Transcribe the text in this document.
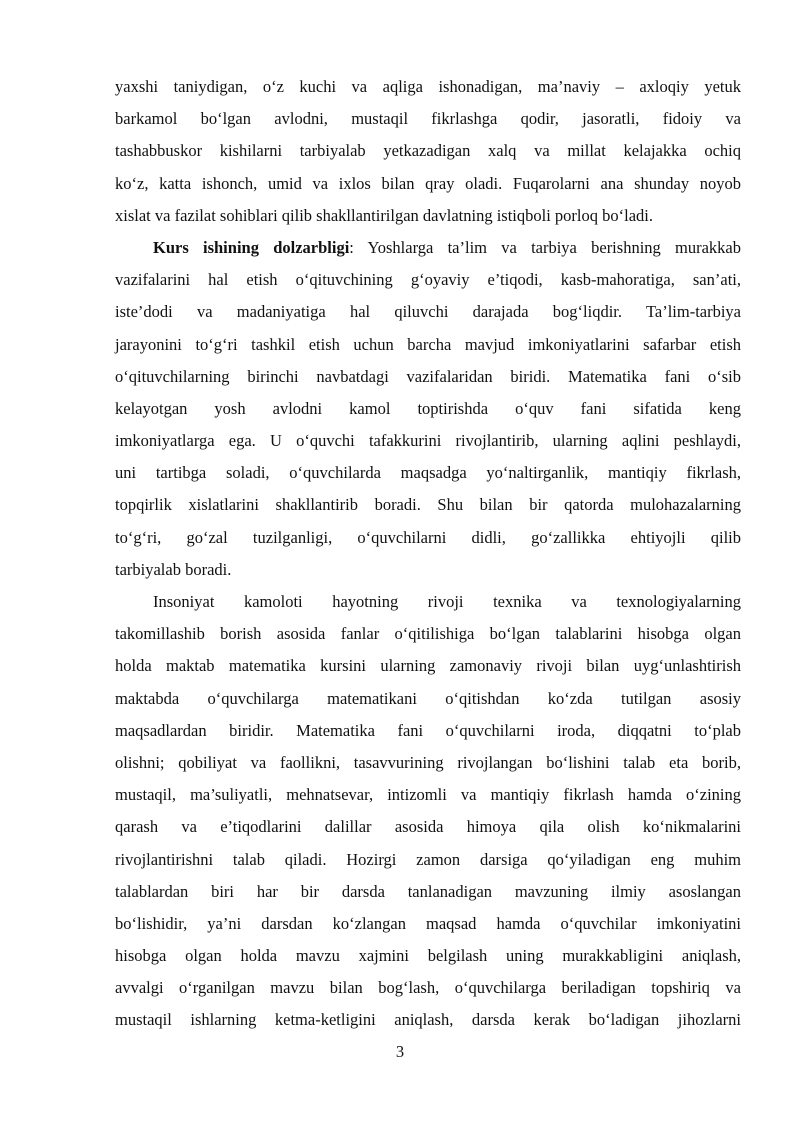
yaxshi taniydigan, o‘z kuchi va aqliga ishonadigan, ma’naviy – axloqiy yetuk
barkamol bo‘lgan avlodni, mustaqil fikrlashga qodir, jasoratli, fidoiy va
tashabbuskor kishilarni tarbiyalab yetkazadigan xalq va millat kelajakka ochiq
ko‘z, katta ishonch, umid va ixlos bilan qray oladi. Fuqarolarni ana shunday noyob
xislat va fazilat sohiblari qilib shakllantirilgan davlatning istiqboli porloq bo‘ladi.
Kurs ishining dolzarbligi: Yoshlarga ta’lim va tarbiya berishning murakkab
vazifalarini hal etish o‘qituvchining g‘oyaviy e’tiqodi, kasb-mahoratiga, san’ati,
iste’dodi va madaniyatiga hal qiluvchi darajada bog‘liqdir. Ta’lim-tarbiya
jarayonini to‘g‘ri tashkil etish uchun barcha mavjud imkoniyatlarini safarbar etish
o‘qituvchilarning birinchi navbatdagi vazifalaridan biridi. Matematika fani o‘sib
kelayotgan yosh avlodni kamol toptirishda o‘quv fani sifatida keng
imkoniyatlarga ega. U o‘quvchi tafakkurini rivojlantirib, ularning aqlini peshlaydi,
uni tartibga soladi, o‘quvchilarda maqsadga yo‘naltirganlik, mantiqiy fikrlash,
topqirlik xislatlarini shakllantirib boradi. Shu bilan bir qatorda mulohazalarning
to‘g‘ri, go‘zal tuzilganligi, o‘quvchilarni didli, go‘zallikka ehtiyojli qilib
tarbiyalab boradi.
Insoniyat kamoloti hayotning rivoji texnika va texnologiyalarning
takomillashib borish asosida fanlar o‘qitilishiga bo‘lgan talablarini hisobga olgan
holda maktab matematika kursini ularning zamonaviy rivoji bilan uyg‘unlashtirish
maktabda o‘quvchilarga matematikani o‘qitishdan ko‘zda tutilgan asosiy
maqsadlardan biridir. Matematika fani o‘quvchilarni iroda, diqqatni to‘plab
olishni; qobiliyat va faollikni, tasavvurining rivojlangan bo‘lishini talab eta borib,
mustaqil, ma’suliyatli, mehnatsevar, intizomli va mantiqiy fikrlash hamda o‘zining
qarash va e’tiqodlarini dalillar asosida himoya qila olish ko‘nikmalarini
rivojlantirishni talab qiladi. Hozirgi zamon darsiga qo‘yiladigan eng muhim
talablardan biri har bir darsda tanlanadigan mavzuning ilmiy asoslangan
bo‘lishidir, ya’ni darsdan ko‘zlangan maqsad hamda o‘quvchilar imkoniyatini
hisobga olgan holda mavzu xajmini belgilash uning murakkabligini aniqlash,
avvalgi o‘rganilgan mavzu bilan bog‘lash, o‘quvchilarga beriladigan topshiriq va
mustaqil ishlarning ketma-ketligini aniqlash, darsda kerak bo‘ladigan jihozlarni
3
